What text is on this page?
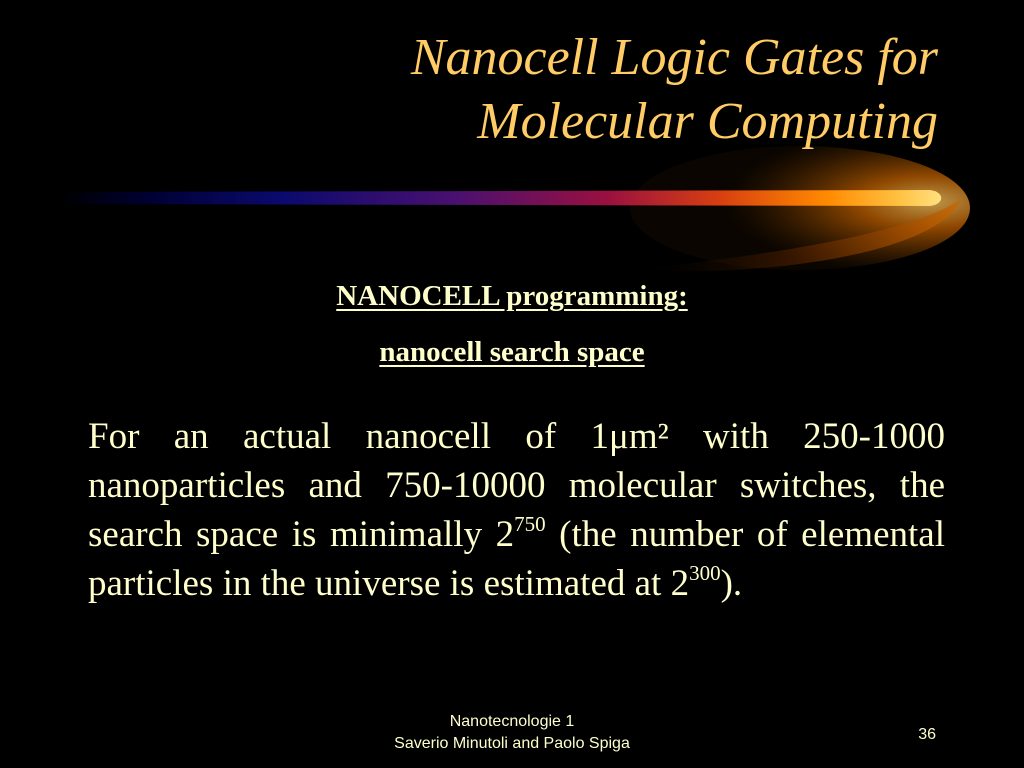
Nanocell Logic Gates for
Molecular Computing
NANOCELL programming:
nanocell search space
For an actual nanocell of 1μm² with 250-1000 nanoparticles and 750-10000 molecular switches, the search space is minimally $2^{750}$ (the number of elemental particles in the universe is estimated at $2^{300}$).
Nanotecnologie 1
Saverio Minutoli and Paolo Spiga
36
